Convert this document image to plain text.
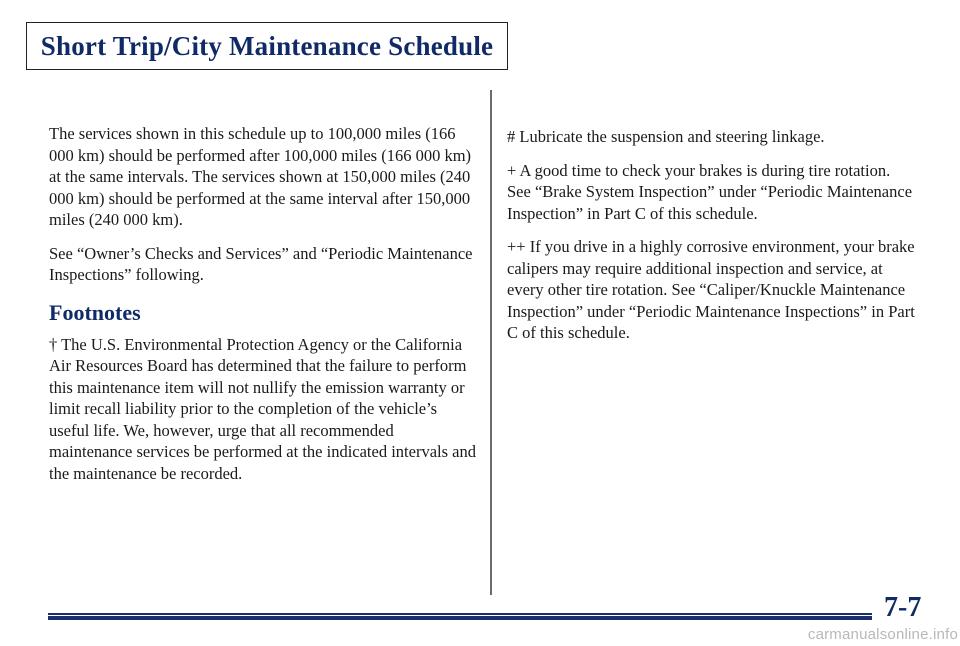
Short Trip/City Maintenance Schedule

The services shown in this schedule up to 100,000 miles (166 000 km) should be performed after 100,000 miles (166 000 km) at the same intervals. The services shown at 150,000 miles (240 000 km) should be performed at the same interval after 150,000 miles (240 000 km).

See “Owner’s Checks and Services” and “Periodic Maintenance Inspections” following.

Footnotes

† The U.S. Environmental Protection Agency or the California Air Resources Board has determined that the failure to perform this maintenance item will not nullify the emission warranty or limit recall liability prior to the completion of the vehicle’s useful life. We, however, urge that all recommended maintenance services be performed at the indicated intervals and the maintenance be recorded.

# Lubricate the suspension and steering linkage.

+ A good time to check your brakes is during tire rotation. See “Brake System Inspection” under “Periodic Maintenance Inspection” in Part C of this schedule.

++ If you drive in a highly corrosive environment, your brake calipers may require additional inspection and service, at every other tire rotation. See “Caliper/Knuckle Maintenance Inspection” under “Periodic Maintenance Inspections” in Part C of this schedule.

7-7
carmanualsonline.info
